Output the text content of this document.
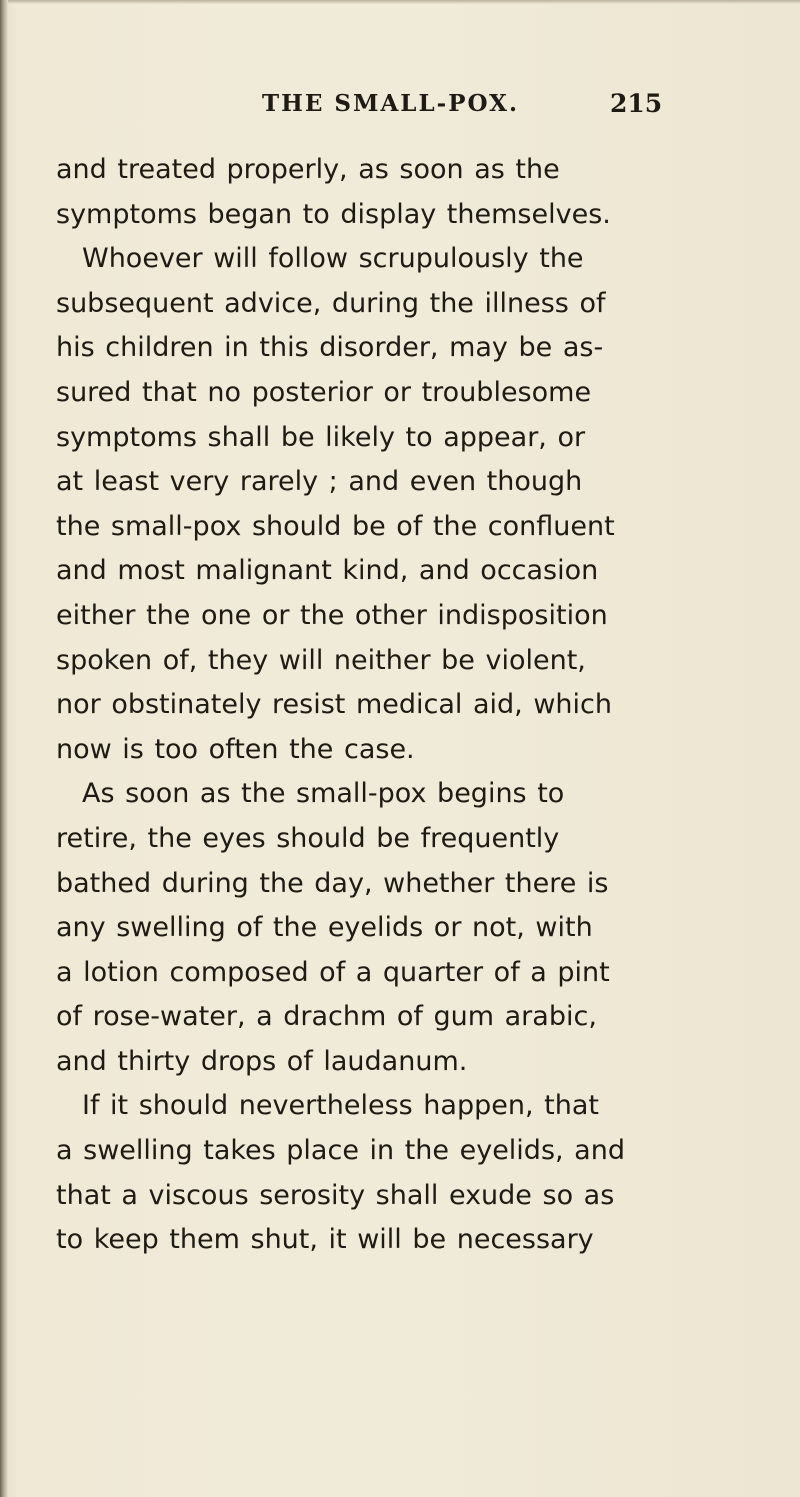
THE SMALL-POX.	215
and treated properly, as soon as the
symptoms began to display themselves.
Whoever will follow scrupulously the
subsequent advice, during the illness of
his children in this disorder, may be as-
sured that no posterior or troublesome
symptoms shall be likely to appear, or
at least very rarely ; and even though
the small-pox should be of the confluent
and most malignant kind, and occasion
either the one or the other indisposition
spoken of, they will neither be violent,
nor obstinately resist medical aid, which
now is too often the case.
As soon as the small-pox begins to
retire, the eyes should be frequently
bathed during the day, whether there is
any swelling of the eyelids or not, with
a lotion composed of a quarter of a pint
of rose-water, a drachm of gum arabic,
and thirty drops of laudanum.
If it should nevertheless happen, that
a swelling takes place in the eyelids, and
that a viscous serosity shall exude so as
to keep them shut, it will be necessary
